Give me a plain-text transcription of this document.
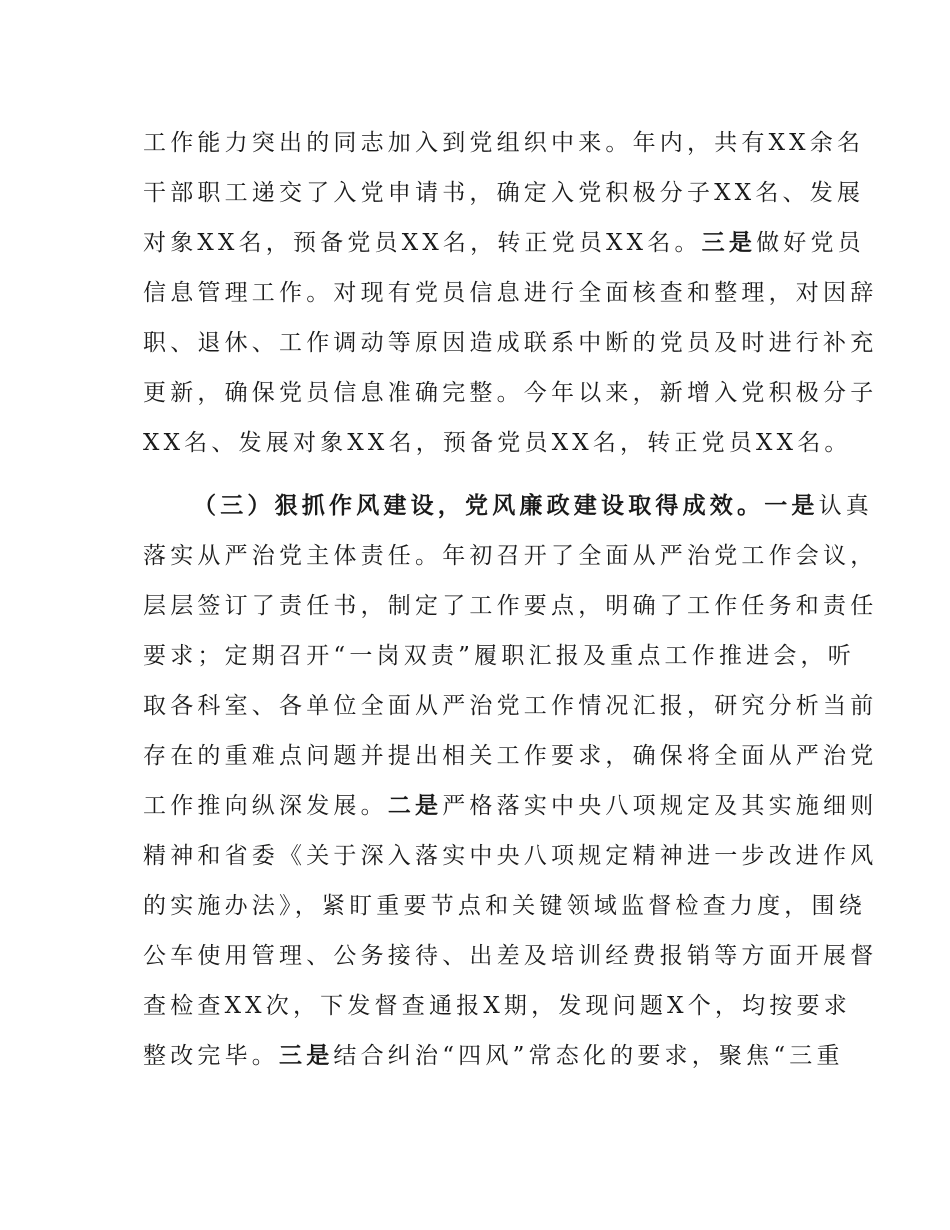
工作能力突出的同志加入到党组织中来。年内，共有XX余名
干部职工递交了入党申请书，确定入党积极分子XX名、发展
对象XX名，预备党员XX名，转正党员XX名。三是做好党员
信息管理工作。对现有党员信息进行全面核查和整理，对因辞
职、退休、工作调动等原因造成联系中断的党员及时进行补充
更新，确保党员信息准确完整。今年以来，新增入党积极分子
XX名、发展对象XX名，预备党员XX名，转正党员XX名。
（三）狠抓作风建设，党风廉政建设取得成效。一是认真
落实从严治党主体责任。年初召开了全面从严治党工作会议，
层层签订了责任书，制定了工作要点，明确了工作任务和责任
要求；定期召开“一岗双责”履职汇报及重点工作推进会，听
取各科室、各单位全面从严治党工作情况汇报，研究分析当前
存在的重难点问题并提出相关工作要求，确保将全面从严治党
工作推向纵深发展。二是严格落实中央八项规定及其实施细则
精神和省委《关于深入落实中央八项规定精神进一步改进作风
的实施办法》，紧盯重要节点和关键领域监督检查力度，围绕
公车使用管理、公务接待、出差及培训经费报销等方面开展督
查检查XX次，下发督查通报X期，发现问题X个，均按要求
整改完毕。三是结合纠治“四风”常态化的要求，聚焦“三重
